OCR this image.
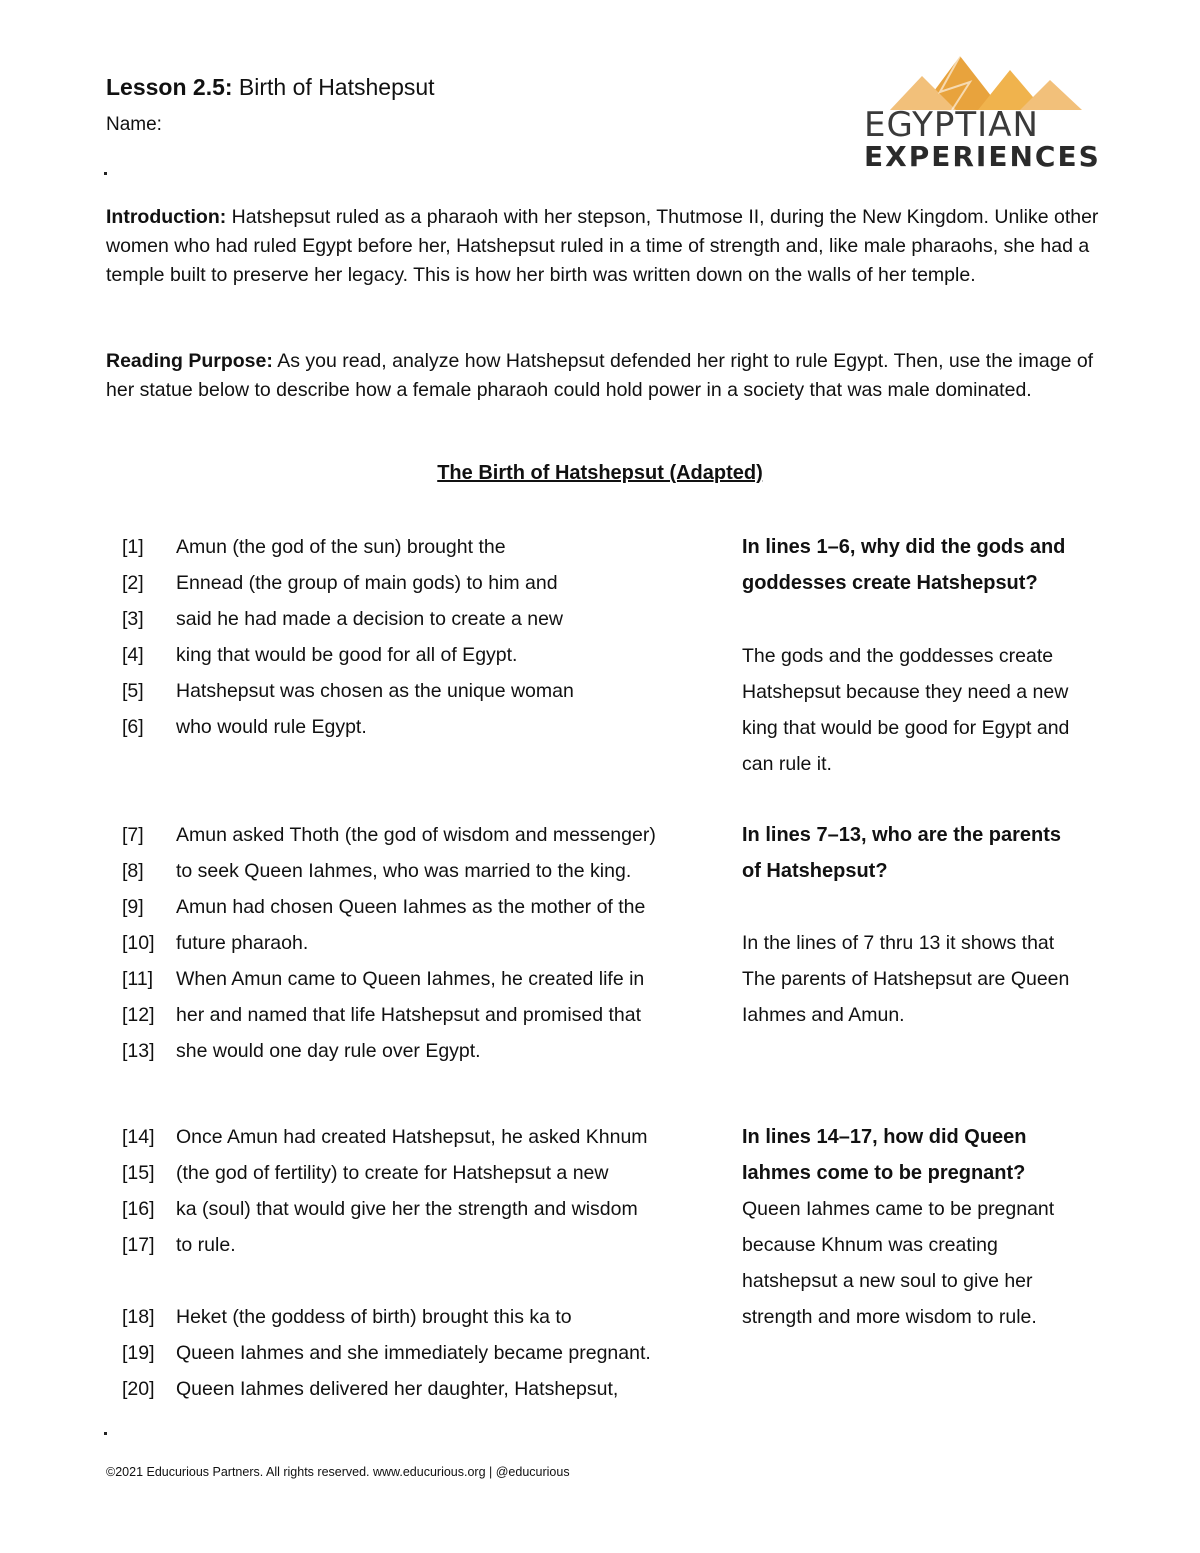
Lesson 2.5: Birth of Hatshepsut
Name:	EGYPTIAN
EXPERIENCES
Introduction: Hatshepsut ruled as a pharaoh with her stepson, Thutmose II, during the New Kingdom. Unlike other women who had ruled Egypt before her, Hatshepsut ruled in a time of strength and, like male pharaohs, she had a temple built to preserve her legacy. This is how her birth was written down on the walls of her temple.
Reading Purpose: As you read, analyze how Hatshepsut defended her right to rule Egypt. Then, use the image of her statue below to describe how a female pharaoh could hold power in a society that was male dominated.
The Birth of Hatshepsut (Adapted)
[1] Amun (the god of the sun) brought the
[2] Ennead (the group of main gods) to him and
[3] said he had made a decision to create a new
[4] king that would be good for all of Egypt.
[5] Hatshepsut was chosen as the unique woman
[6] who would rule Egypt.
[7] Amun asked Thoth (the god of wisdom and messenger)
[8] to seek Queen Iahmes, who was married to the king.
[9] Amun had chosen Queen Iahmes as the mother of the
[10] future pharaoh.
[11] When Amun came to Queen Iahmes, he created life in
[12] her and named that life Hatshepsut and promised that
[13] she would one day rule over Egypt.
[14] Once Amun had created Hatshepsut, he asked Khnum
[15] (the god of fertility) to create for Hatshepsut a new
[16] ka (soul) that would give her the strength and wisdom
[17] to rule.
[18] Heket (the goddess of birth) brought this ka to
[19] Queen Iahmes and she immediately became pregnant.
[20] Queen Iahmes delivered her daughter, Hatshepsut,
In lines 1–6, why did the gods and goddesses create Hatshepsut?
The gods and the goddesses create Hatshepsut because they need a new king that would be good for Egypt and can rule it.
In lines 7–13, who are the parents of Hatshepsut?
In the lines of 7 thru 13 it shows that The parents of Hatshepsut are Queen Iahmes and Amun.
In lines 14–17, how did Queen Iahmes come to be pregnant?
Queen Iahmes came to be pregnant because Khnum was creating hatshepsut a new soul to give her strength and more wisdom to rule.
©2021 Educurious Partners. All rights reserved. www.educurious.org | @educurious
